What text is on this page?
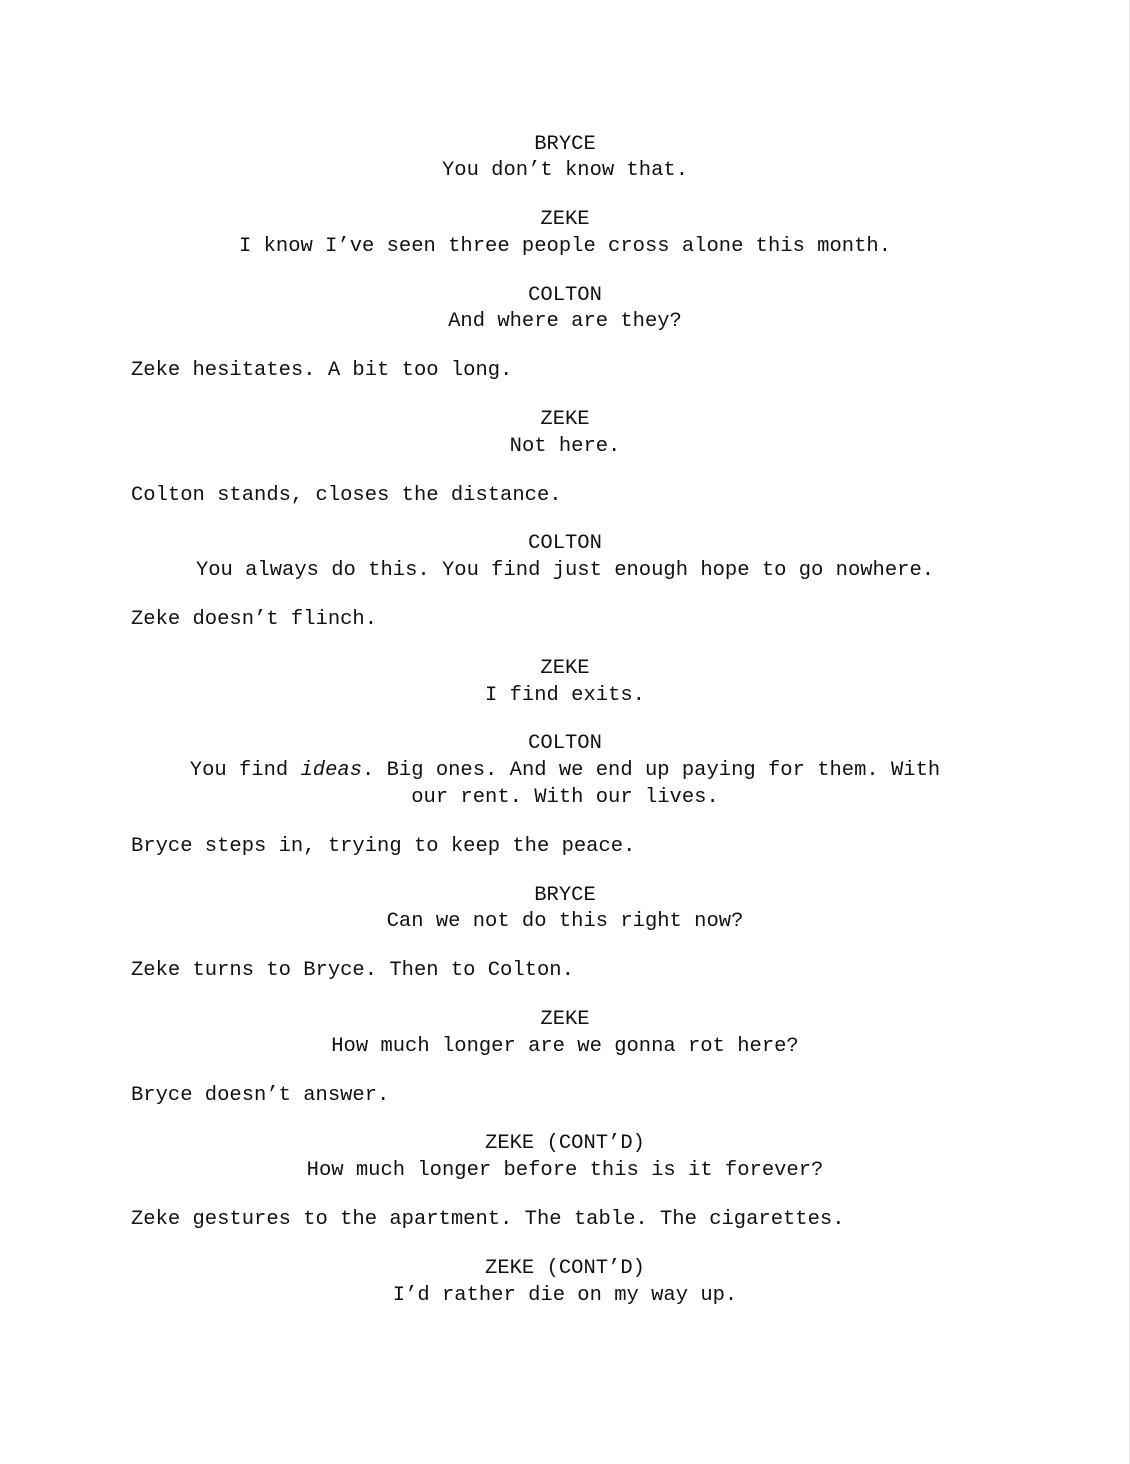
BRYCE

You don’t know that.

ZEKE

I know I’ve seen three people cross alone this month.

COLTON

And where are they?

Zeke hesitates. A bit too long.

ZEKE

Not here.

Colton stands, closes the distance.

COLTON

You always do this. You find just enough hope to go nowhere.

Zeke doesn’t flinch.

ZEKE

I find exits.

COLTON

You find ideas. Big ones. And we end up paying for them. With

our rent. With our lives.

Bryce steps in, trying to keep the peace.

BRYCE

Can we not do this right now?

Zeke turns to Bryce. Then to Colton.

ZEKE

How much longer are we gonna rot here?

Bryce doesn’t answer.

ZEKE (CONT’D)

How much longer before this is it forever?

Zeke gestures to the apartment. The table. The cigarettes.

ZEKE (CONT’D)

I’d rather die on my way up.
